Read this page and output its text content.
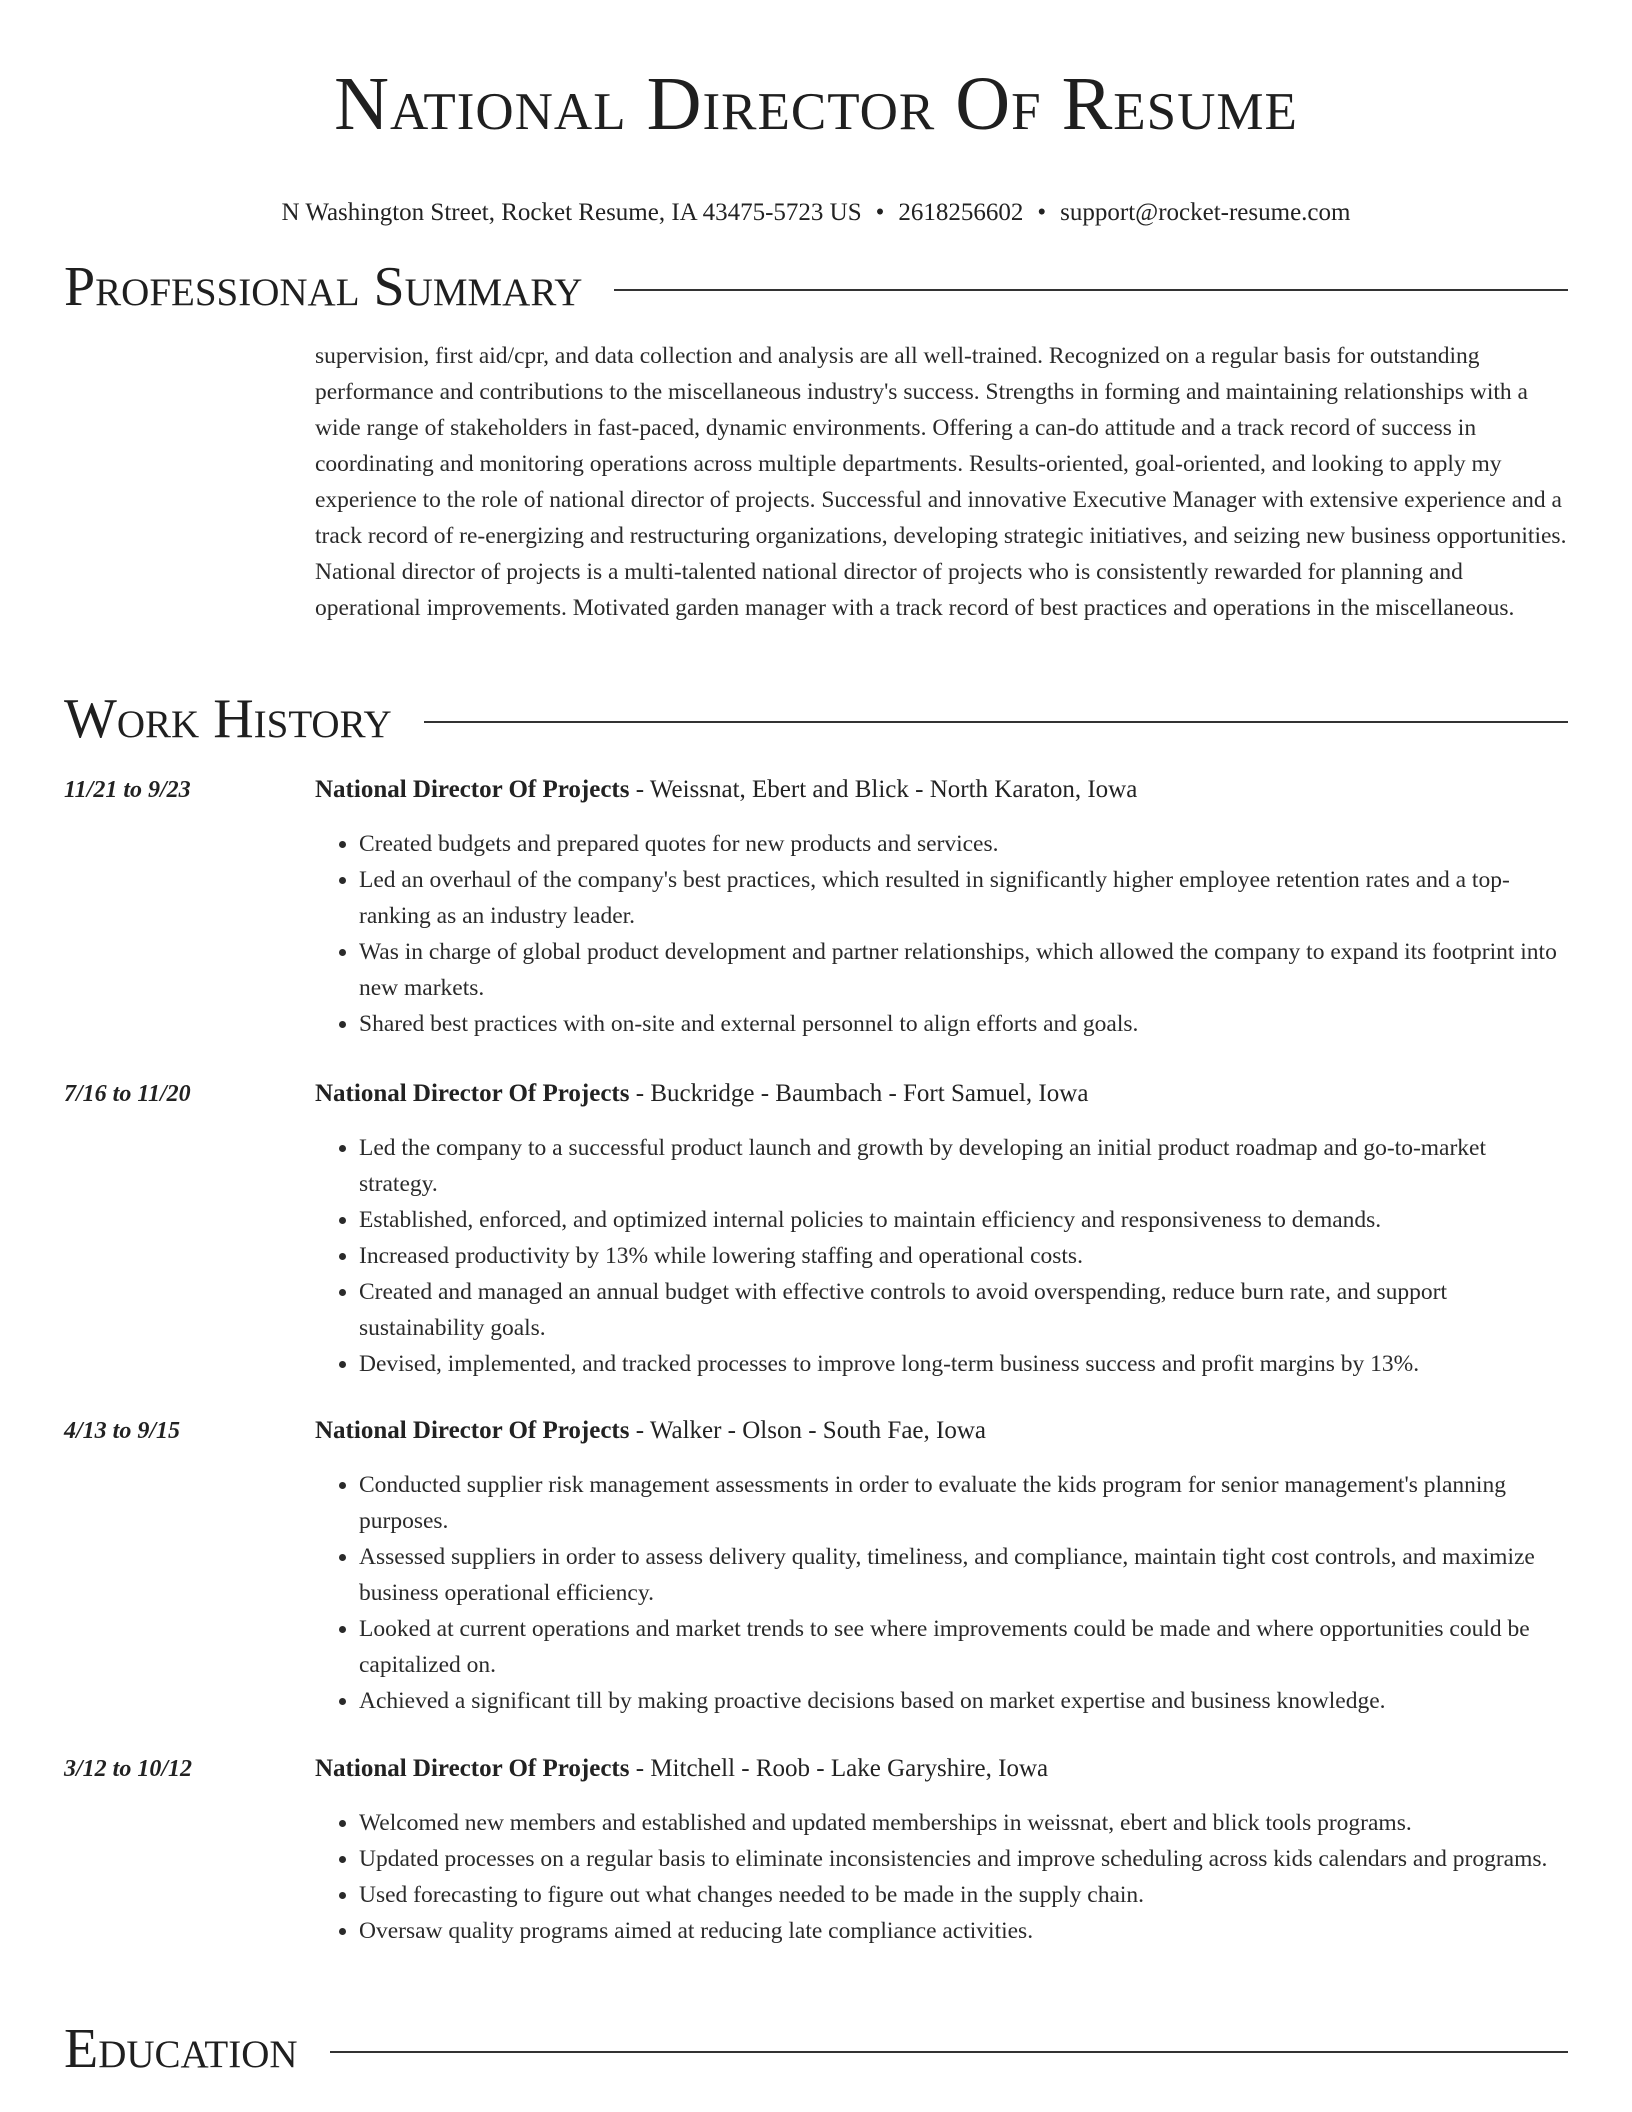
National Director Of Resume
N Washington Street, Rocket Resume, IA 43475-5723 US • 2618256602 • support@rocket-resume.com
Professional Summary

supervision, first aid/cpr, and data collection and analysis are all well-trained. Recognized on a regular basis for outstanding performance and contributions to the miscellaneous industry's success. Strengths in forming and maintaining relationships with a wide range of stakeholders in fast-paced, dynamic environments. Offering a can-do attitude and a track record of success in coordinating and monitoring operations across multiple departments. Results-oriented, goal-oriented, and looking to apply my experience to the role of national director of projects. Successful and innovative Executive Manager with extensive experience and a track record of re-energizing and restructuring organizations, developing strategic initiatives, and seizing new business opportunities. National director of projects is a multi-talented national director of projects who is consistently rewarded for planning and operational improvements. Motivated garden manager with a track record of best practices and operations in the miscellaneous.

Work History
11/21 to 9/23	National Director Of Projects - Weissnat, Ebert and Blick - North Karaton, Iowa
• Created budgets and prepared quotes for new products and services.
• Led an overhaul of the company's best practices, which resulted in significantly higher employee retention rates and a top-ranking as an industry leader.
• Was in charge of global product development and partner relationships, which allowed the company to expand its footprint into new markets.
• Shared best practices with on-site and external personnel to align efforts and goals.
7/16 to 11/20	National Director Of Projects - Buckridge - Baumbach - Fort Samuel, Iowa
• Led the company to a successful product launch and growth by developing an initial product roadmap and go-to-market strategy.
• Established, enforced, and optimized internal policies to maintain efficiency and responsiveness to demands.
• Increased productivity by 13% while lowering staffing and operational costs.
• Created and managed an annual budget with effective controls to avoid overspending, reduce burn rate, and support sustainability goals.
• Devised, implemented, and tracked processes to improve long-term business success and profit margins by 13%.
4/13 to 9/15	National Director Of Projects - Walker - Olson - South Fae, Iowa
• Conducted supplier risk management assessments in order to evaluate the kids program for senior management's planning purposes.
• Assessed suppliers in order to assess delivery quality, timeliness, and compliance, maintain tight cost controls, and maximize business operational efficiency.
• Looked at current operations and market trends to see where improvements could be made and where opportunities could be capitalized on.
• Achieved a significant till by making proactive decisions based on market expertise and business knowledge.
3/12 to 10/12	National Director Of Projects - Mitchell - Roob - Lake Garyshire, Iowa
• Welcomed new members and established and updated memberships in weissnat, ebert and blick tools programs.
• Updated processes on a regular basis to eliminate inconsistencies and improve scheduling across kids calendars and programs.
• Used forecasting to figure out what changes needed to be made in the supply chain.
• Oversaw quality programs aimed at reducing late compliance activities.
Education
